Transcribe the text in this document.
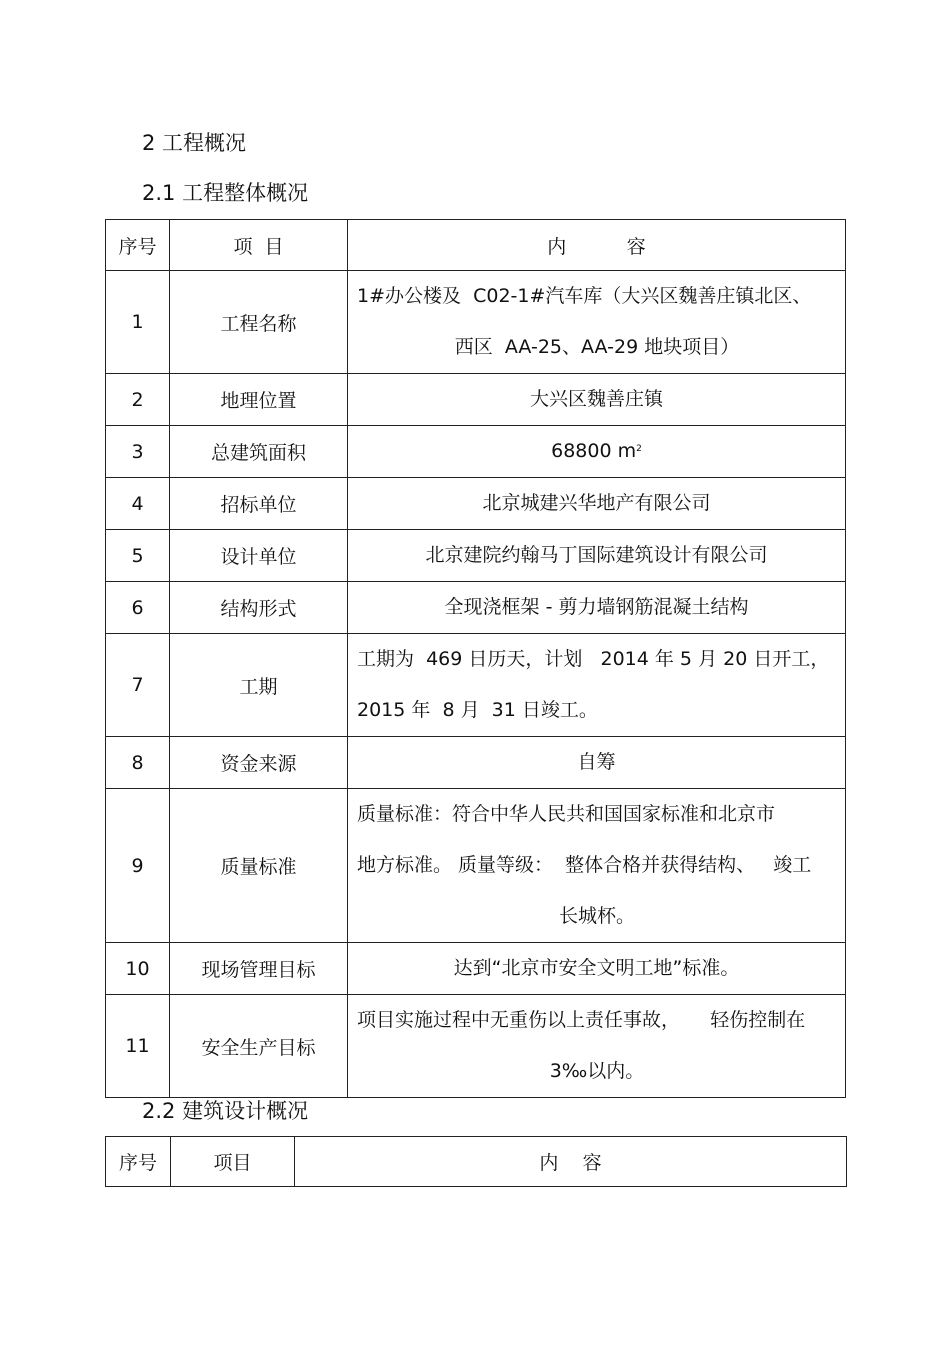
2 工程概况
2.1 工程整体概况
序号	项  目	内          容
1	工程名称	1#办公楼及  C02-1#汽车库（大兴区魏善庄镇北区、
西区  AA-25、AA-29 地块项目）

2	地理位置	大兴区魏善庄镇
3	总建筑面积	68800 $m^2$
4	招标单位	北京城建兴华地产有限公司
5	设计单位	北京建院约翰马丁国际建筑设计有限公司
6	结构形式	全现浇框架 - 剪力墙钢筋混凝土结构
7	工期	工期为  469 日历天，计划   2014 年 5 月 20 日开工，
2015 年  8 月  31 日竣工。

8	资金来源	自筹
9	质量标准	质量标准：符合中华人民共和国国家标准和北京市
地方标准。 质量等级：  整体合格并获得结构、   竣工
长城杯。

10	现场管理目标	达到“北京市安全文明工地”标准。
11	安全生产目标	项目实施过程中无重伤以上责任事故，     轻伤控制在
3‰以内。
2.2 建筑设计概况
序号	项目	内    容
